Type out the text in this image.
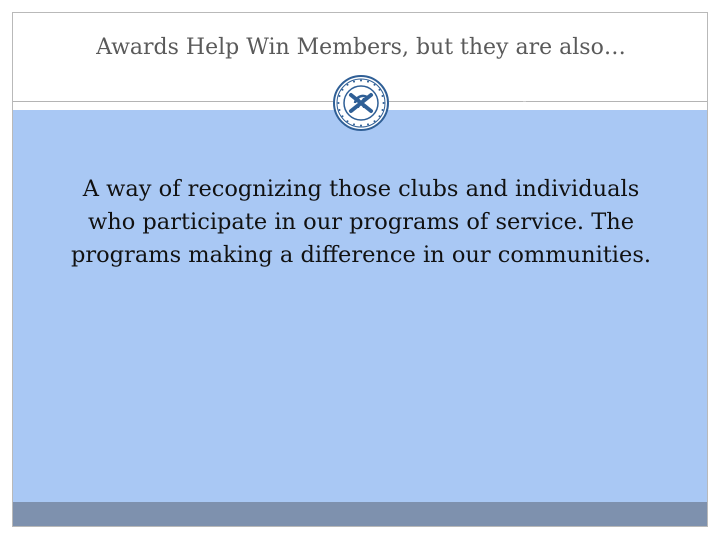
Awards Help Win Members, but they are also…
X
A way of recognizing those clubs and individuals
who participate in our programs of service. The
programs making a difference in our communities.
